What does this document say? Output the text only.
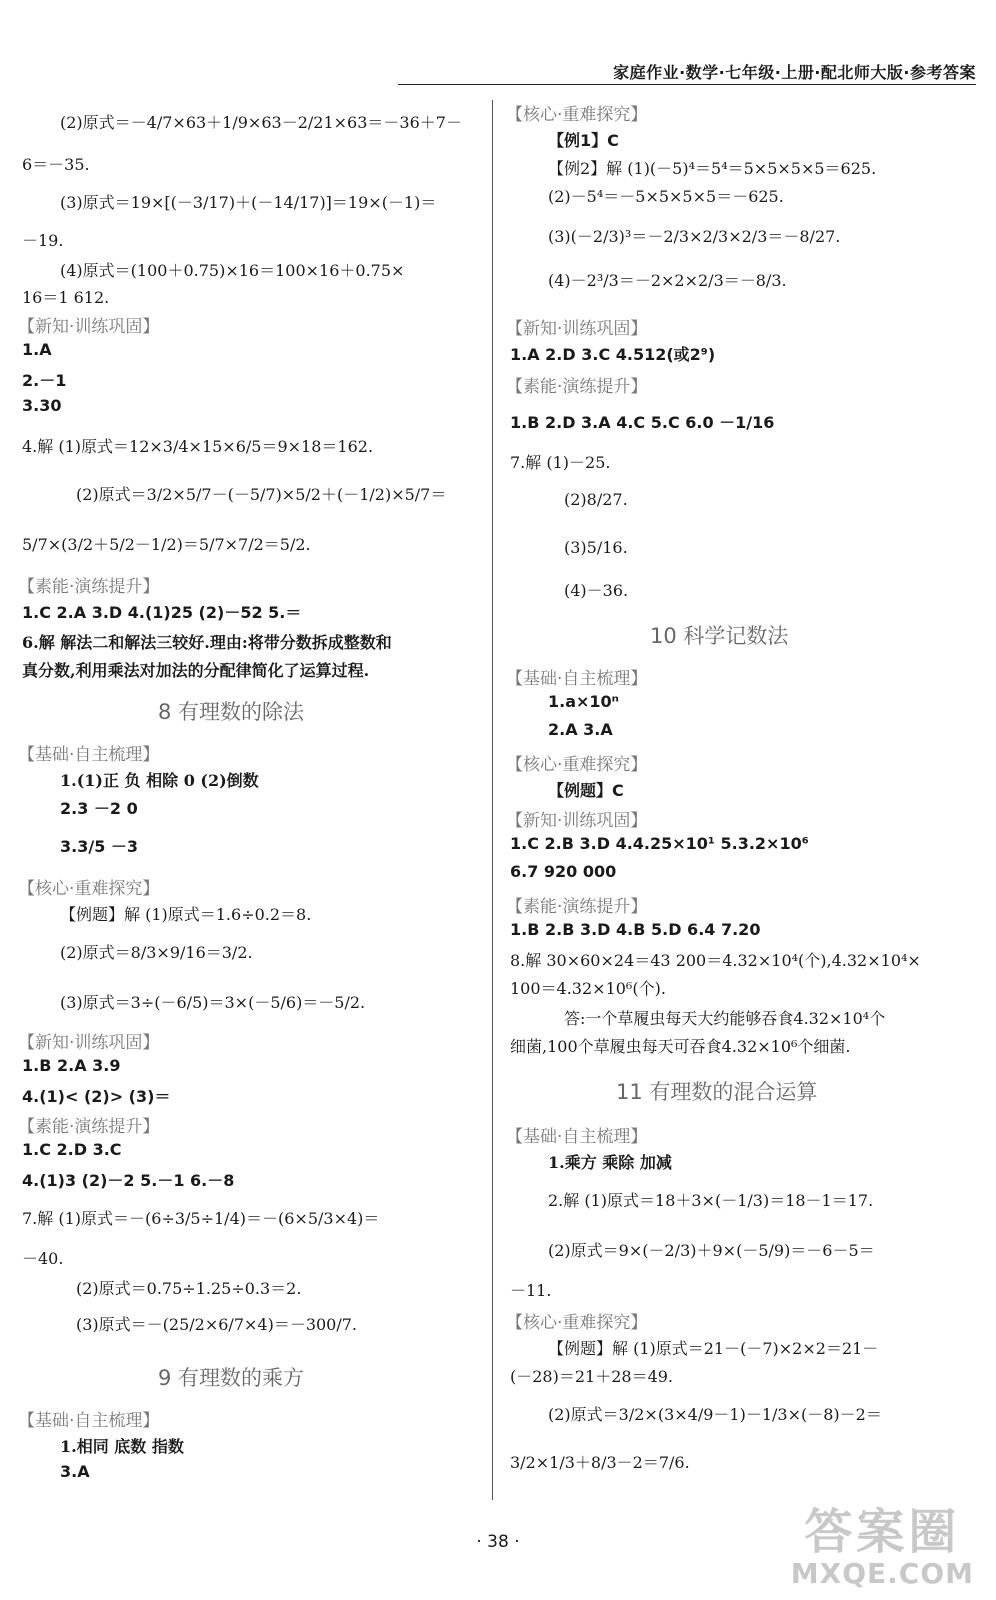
家庭作业·数学·七年级·上册·配北师大版·参考答案
(2)原式＝－4/7×63＋1/9×63－2/21×63＝－36＋7－
6＝－35.
(3)原式＝19×[(－3/17)＋(－14/17)]＝19×(－1)＝
－19.
(4)原式＝(100＋0.75)×16＝100×16＋0.75×
16＝1 612.
【新知·训练巩固】
1.A
2.－1
3.30
4.解 (1)原式＝12×3/4×15×6/5＝9×18＝162.
(2)原式＝3/2×5/7－(－5/7)×5/2＋(－1/2)×5/7＝
5/7×(3/2＋5/2－1/2)＝5/7×7/2＝5/2.
【素能·演练提升】
1.C 2.A 3.D 4.(1)25 (2)－52 5.＝
6.解 解法二和解法三较好.理由:将带分数拆成整数和
真分数,利用乘法对加法的分配律简化了运算过程.
8 有理数的除法
【基础·自主梳理】
1.(1)正 负 相除 0 (2)倒数
2.3 －2 0
3.3/5 －3
【核心·重难探究】
【例题】解 (1)原式＝1.6÷0.2＝8.
(2)原式＝8/3×9/16＝3/2.
(3)原式＝3÷(－6/5)＝3×(－5/6)＝－5/2.
【新知·训练巩固】
1.B 2.A 3.9
4.(1)< (2)> (3)＝
【素能·演练提升】
1.C 2.D 3.C
4.(1)3 (2)－2 5.－1 6.－8
7.解 (1)原式＝－(6÷3/5÷1/4)＝－(6×5/3×4)＝
－40.
(2)原式＝0.75÷1.25÷0.3＝2.
(3)原式＝－(25/2×6/7×4)＝－300/7.
9 有理数的乘方
【基础·自主梳理】
1.相同 底数 指数
3.A
【核心·重难探究】
【例1】C
【例2】解 (1)(－5)⁴＝5⁴＝5×5×5×5＝625.
(2)－5⁴＝－5×5×5×5＝－625.
(3)(－2/3)³＝－2/3×2/3×2/3＝－8/27.
(4)－2³/3＝－2×2×2/3＝－8/3.
【新知·训练巩固】
1.A 2.D 3.C 4.512(或2⁹)
【素能·演练提升】
1.B 2.D 3.A 4.C 5.C 6.0 －1/16
7.解 (1)－25.
(2)8/27.
(3)5/16.
(4)－36.
10 科学记数法
【基础·自主梳理】
1.a×10ⁿ
2.A 3.A
【核心·重难探究】
【例题】C
【新知·训练巩固】
1.C 2.B 3.D 4.4.25×10¹ 5.3.2×10⁶
6.7 920 000
【素能·演练提升】
1.B 2.B 3.D 4.B 5.D 6.4 7.20
8.解 30×60×24＝43 200＝4.32×10⁴(个),4.32×10⁴×
100＝4.32×10⁶(个).
答:一个草履虫每天大约能够吞食4.32×10⁴个
细菌,100个草履虫每天可吞食4.32×10⁶个细菌.
11 有理数的混合运算
【基础·自主梳理】
1.乘方 乘除 加减
2.解 (1)原式＝18＋3×(－1/3)＝18－1＝17.
(2)原式＝9×(－2/3)＋9×(－5/9)＝－6－5＝
－11.
【核心·重难探究】
【例题】解 (1)原式＝21－(－7)×2×2＝21－
(－28)＝21＋28＝49.
(2)原式＝3/2×(3×4/9－1)－1/3×(－8)－2＝
3/2×1/3＋8/3－2＝7/6.
· 38 ·	答案圈
MXQE.COM
